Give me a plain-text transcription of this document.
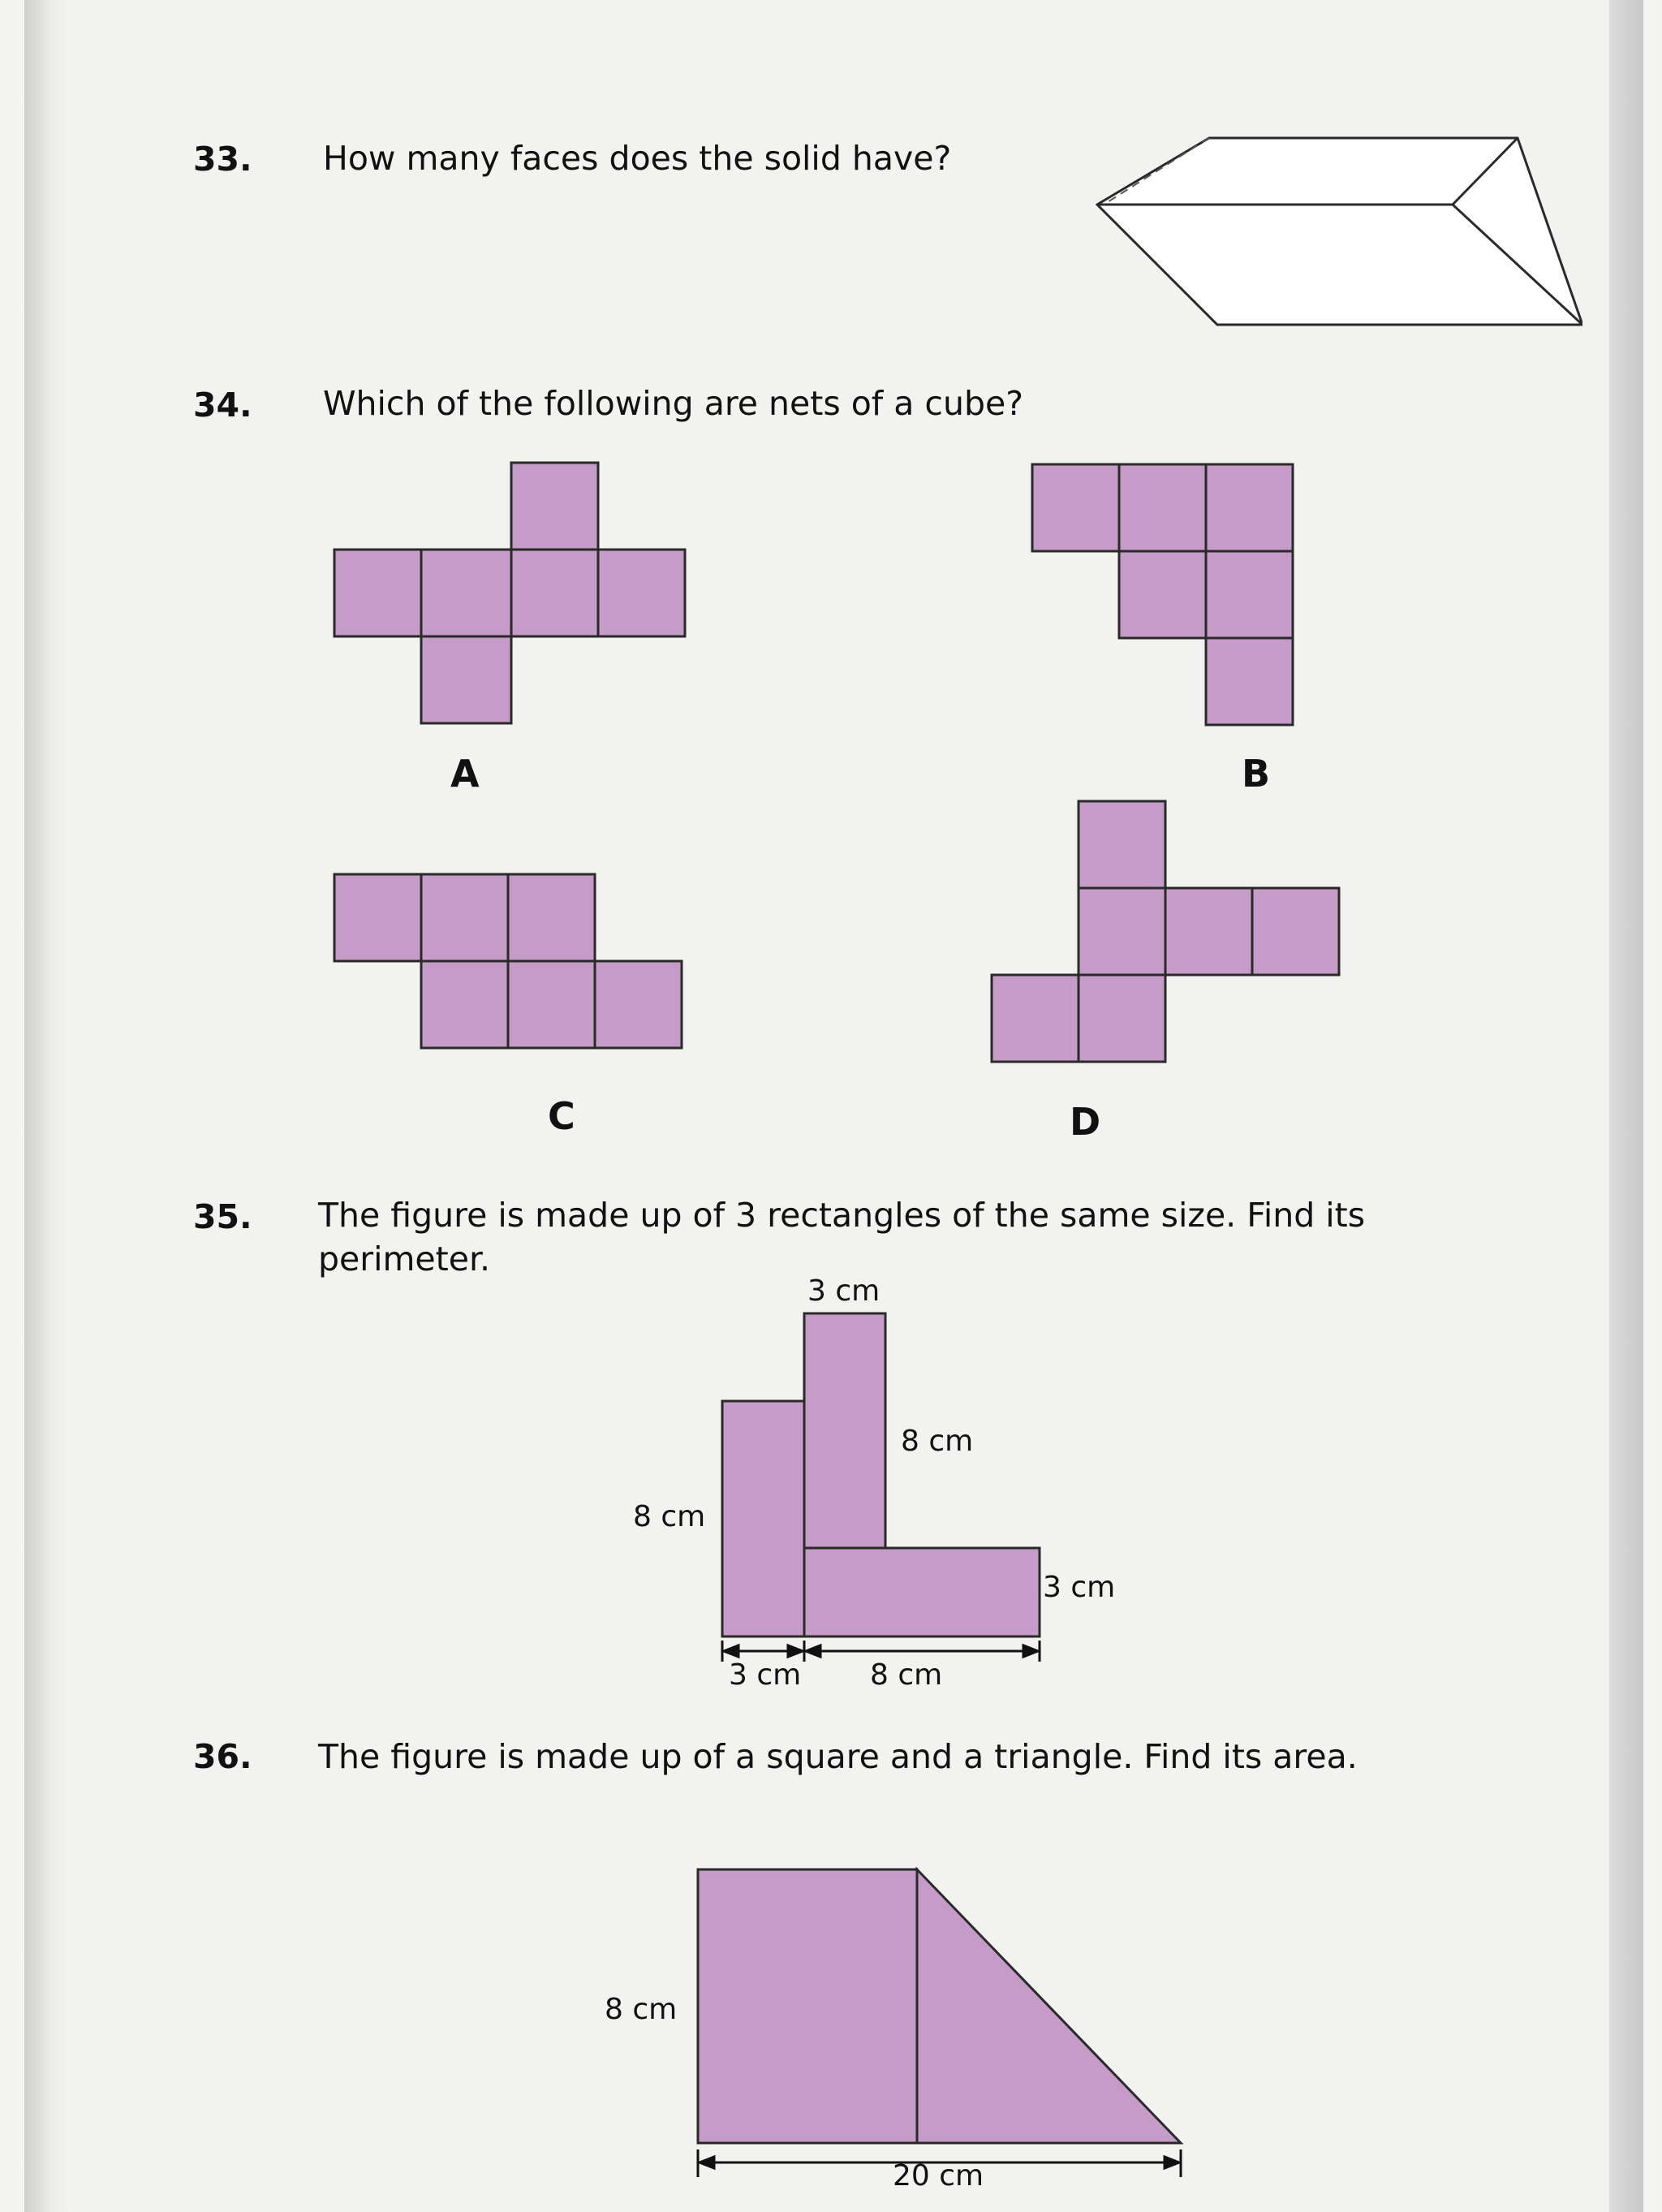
33. How many faces does the solid have?
34. Which of the following are nets of a cube?
A	B
C	D
35. The figure is made up of 3 rectangles of the same size. Find its perimeter.
3 cm
8 cm
8 cm
3 cm
3 cm 8 cm
36. The figure is made up of a square and a triangle. Find its area.
8 cm
20 cm
